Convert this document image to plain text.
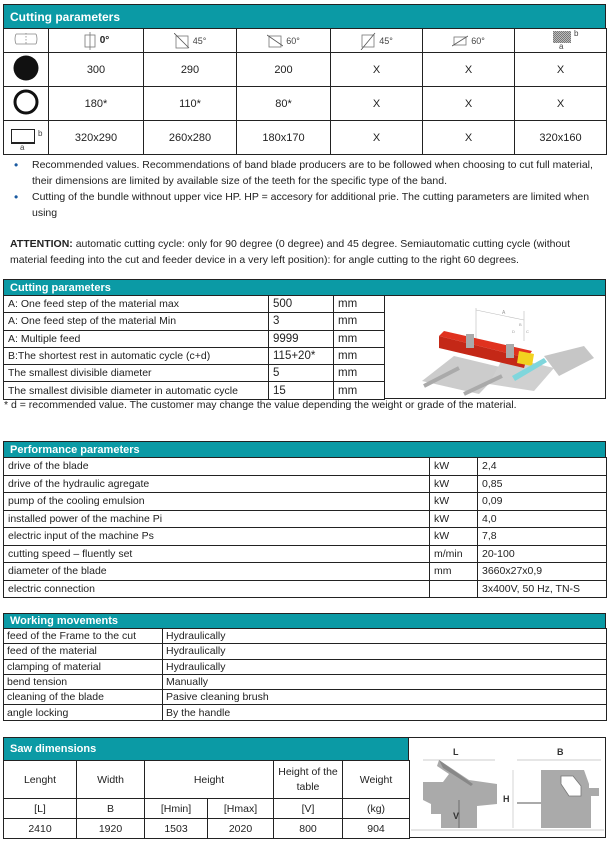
Cutting parameters

0°	45°	60°	45°	60°	b
a

	300	290	200	X	X	X
	180*	110*	80*	X	X	X

b
a	320x290	260x280	180x170	X	X	320x160
• Recommended values. Recommendations of band blade producers are to be followed when choosing to cut full material, their dimensions are limited by available size of the teeth for the specific type of the band.
• Cutting of the bundle withnout upper vice HP. HP = accesory for additional prie. The cutting parameters are limited when using

ATTENTION: automatic cutting cycle: only for 90 degree (0 degree) and 45 degree. Semiautomatic cutting cycle (without material feeding into the cut and feeder device in a very left position): for angle cutting to the right 60 degrees.

Cutting parameters
A: One feed step of the material max	500	mm
A: One feed step of the material Min	3	mm
A: Multiple feed	9999	mm
B:The shortest rest in automatic cycle (c+d)	115+20*	mm
The smallest divisible diameter	5	mm
The smallest divisible diameter in automatic cycle	15	mm
A
B
D	C
* d = recommended value. The customer may change the value depending the weight or grade of the material.
Performance parameters
drive of the blade	kW	2,4
drive of the hydraulic agregate	kW	0,85
pump of the cooling emulsion	kW	0,09
installed power of the machine Pi	kW	4,0
electric input of the machine Ps	kW	7,8
cutting speed – fluently set	m/min	20-100
diameter of the blade	mm	3660x27x0,9
electric connection		3x400V, 50 Hz, TN-S
Working movements
feed of the Frame to the cut	Hydraulically
feed of the material	Hydraulically
clamping of material	Hydraulically
bend tension	Manually
cleaning of the blade	Pasive cleaning brush
angle locking	By the handle
Saw dimensions
Lenght	Width	Height		Height of the table	Weight
[L]	B	[Hmin]	[Hmax]	[V]	(kg)
2410	1920	1503	2020	800	904
L	B
V
H
